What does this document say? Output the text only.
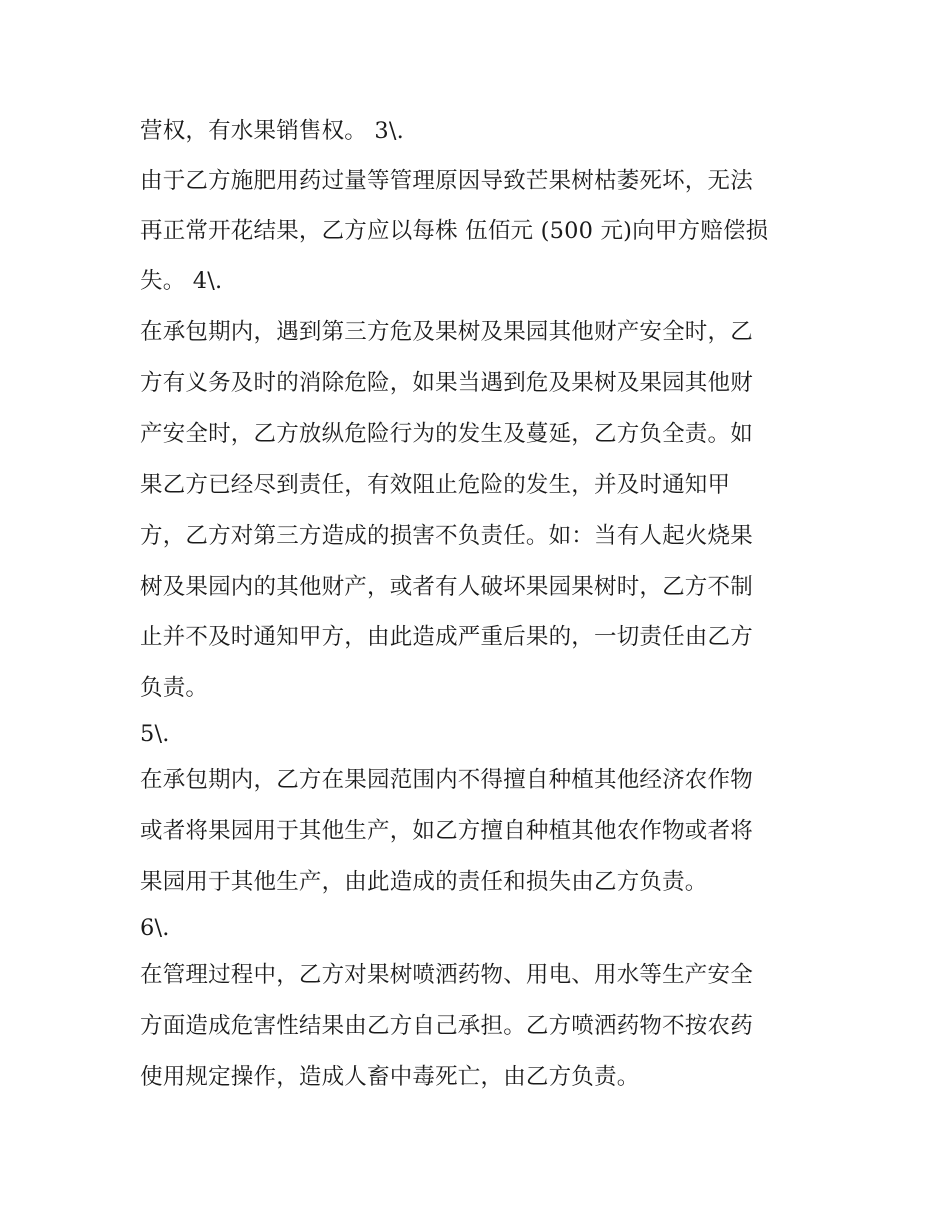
营权，有水果销售权。 3\.
由于乙方施肥用药过量等管理原因导致芒果树枯萎死坏，无法
再正常开花结果，乙方应以每株 伍佰元 (500 元)向甲方赔偿损
失。 4\.
在承包期内，遇到第三方危及果树及果园其他财产安全时，乙
方有义务及时的消除危险，如果当遇到危及果树及果园其他财
产安全时，乙方放纵危险行为的发生及蔓延，乙方负全责。如
果乙方已经尽到责任，有效阻止危险的发生，并及时通知甲
方，乙方对第三方造成的损害不负责任。如：当有人起火烧果
树及果园内的其他财产，或者有人破坏果园果树时，乙方不制
止并不及时通知甲方，由此造成严重后果的，一切责任由乙方
负责。
5\.
在承包期内，乙方在果园范围内不得擅自种植其他经济农作物
或者将果园用于其他生产，如乙方擅自种植其他农作物或者将
果园用于其他生产，由此造成的责任和损失由乙方负责。
6\.
在管理过程中，乙方对果树喷洒药物、用电、用水等生产安全
方面造成危害性结果由乙方自己承担。乙方喷洒药物不按农药
使用规定操作，造成人畜中毒死亡，由乙方负责。
